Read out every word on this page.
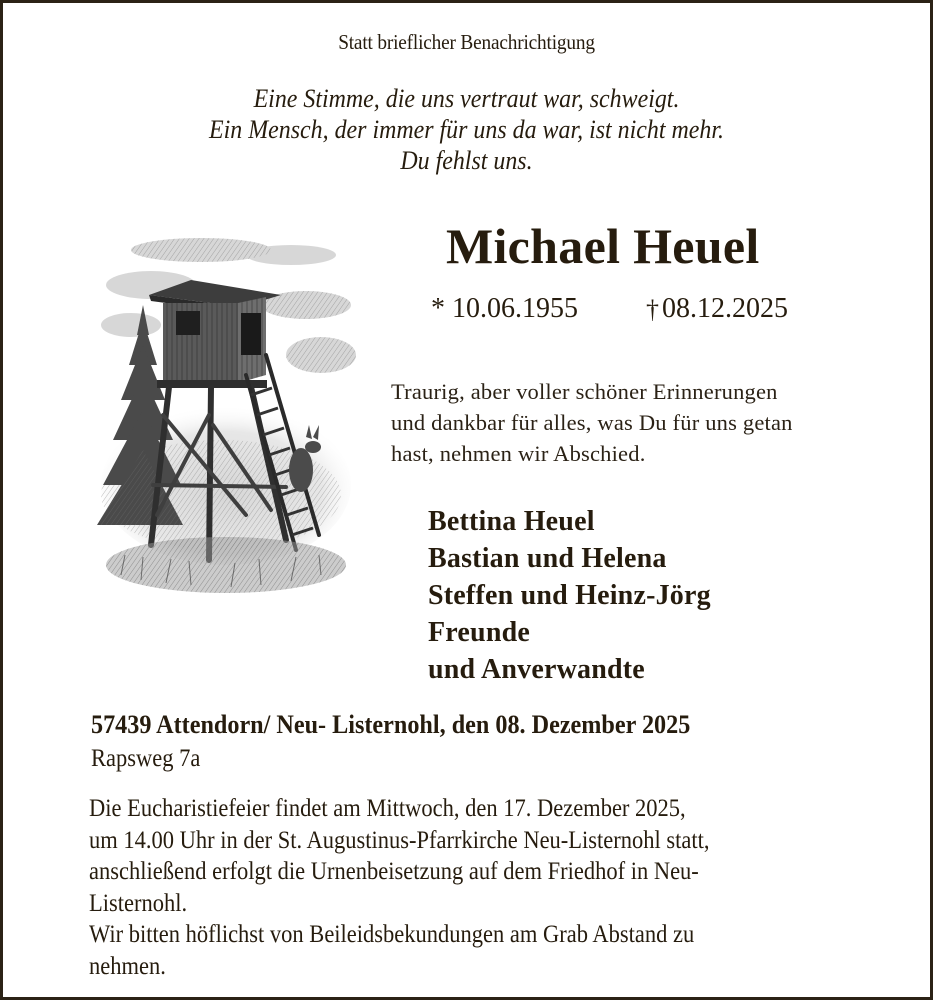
Statt brieflicher Benachrichtigung
Eine Stimme, die uns vertraut war, schweigt.
Ein Mensch, der immer für uns da war, ist nicht mehr.
Du fehlst uns.
Michael Heuel
* 10.06.1955	† 08.12.2025
Traurig, aber voller schöner Erinnerungen
und dankbar für alles, was Du für uns getan
hast, nehmen wir Abschied.
Bettina Heuel
Bastian und Helena
Steffen und Heinz-Jörg
Freunde
und Anverwandte
57439 Attendorn/ Neu- Listernohl, den 08. Dezember 2025
Rapsweg 7a
Die Eucharistiefeier findet am Mittwoch, den 17. Dezember 2025,
um 14.00 Uhr in der St. Augustinus-Pfarrkirche Neu-Listernohl statt,
anschließend erfolgt die Urnenbeisetzung auf dem Friedhof in Neu-
Listernohl.
Wir bitten höflichst von Beileidsbekundungen am Grab Abstand zu
nehmen.
